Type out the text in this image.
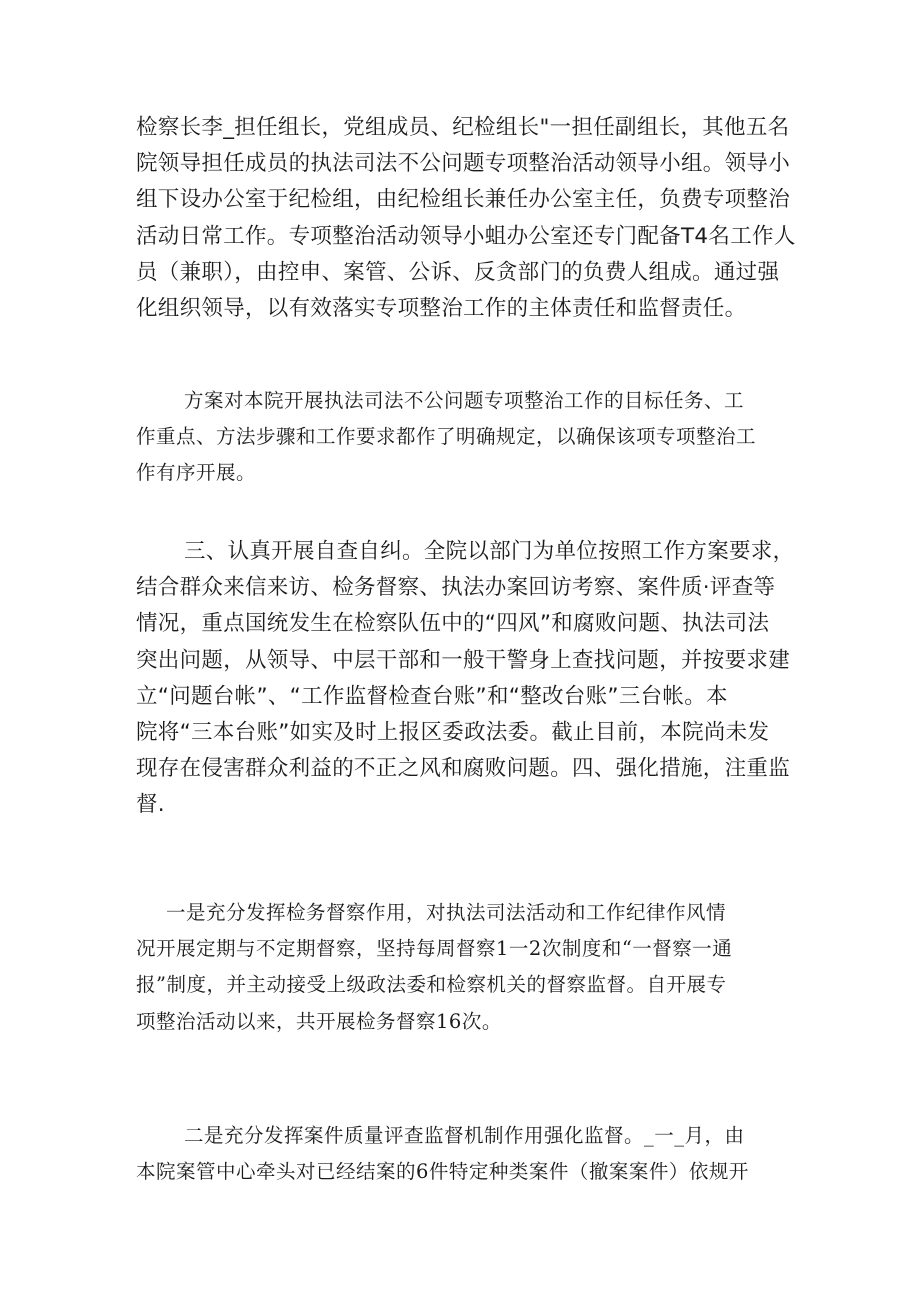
检察长李_担任组长，党组成员、纪检组长"一担任副组长，其他五名
院领导担任成员的执法司法不公问题专项整治活动领导小组。领导小
组下设办公室于纪检组，由纪检组长兼任办公室主任，负费专项整治
活动日常工作。专项整治活动领导小蛆办公室还专门配备T4名工作人
员（兼职），由控申、案管、公诉、反贪部门的负费人组成。通过强
化组织领导，以有效落实专项整治工作的主体责任和监督责任。
方案对本院开展执法司法不公问题专项整治工作的目标任务、工
作重点、方法步骤和工作要求都作了明确规定，以确保该项专项整治工
作有序开展。
三、认真开展自查自纠。全院以部门为单位按照工作方案要求，
结合群众来信来访、检务督察、执法办案回访考察、案件质·评查等
情况，重点国统发生在检察队伍中的“四风”和腐败问题、执法司法
突出问题，从领导、中层干部和一般干警身上查找问题，并按要求建
立“问题台帐”、“工作监督检查台账”和“整改台账”三台帐。本
院将“三本台账”如实及时上报区委政法委。截止目前，本院尚未发
现存在侵害群众利益的不正之风和腐败问题。四、强化措施，注重监
督.
一是充分发挥检务督察作用，对执法司法活动和工作纪律作风情
况开展定期与不定期督察，坚持每周督察1一2次制度和“一督察一通
报”制度，并主动接受上级政法委和检察机关的督察监督。自开展专
项整治活动以来，共开展检务督察16次。
二是充分发挥案件质量评查监督机制作用强化监督。_一_月，由
本院案管中心牵头对已经结案的6件特定种类案件（撤案案件）依规开
